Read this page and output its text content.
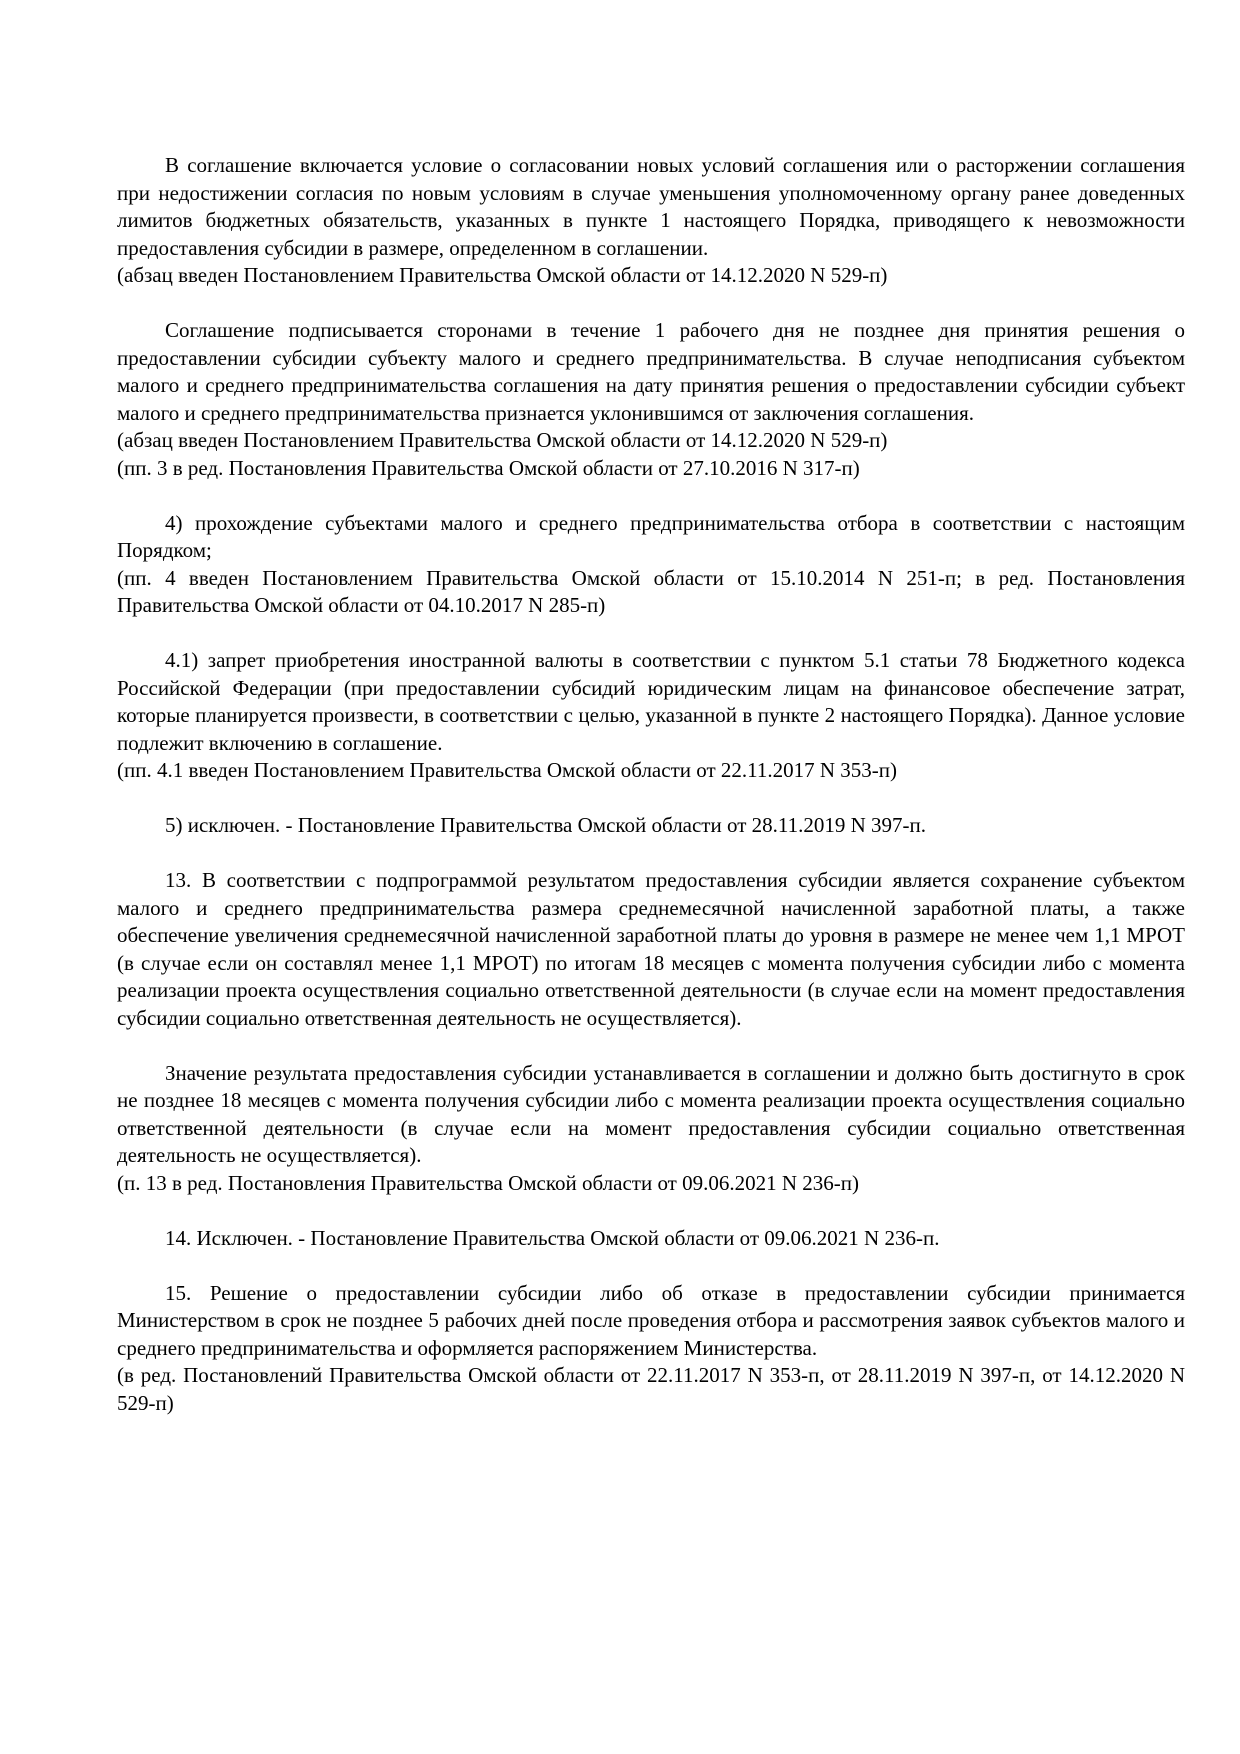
В соглашение включается условие о согласовании новых условий соглашения или о расторжении соглашения при недостижении согласия по новым условиям в случае уменьшения уполномоченному органу ранее доведенных лимитов бюджетных обязательств, указанных в пункте 1 настоящего Порядка, приводящего к невозможности предоставления субсидии в размере, определенном в соглашении.

(абзац введен Постановлением Правительства Омской области от 14.12.2020 N 529-п)

Соглашение подписывается сторонами в течение 1 рабочего дня не позднее дня принятия решения о предоставлении субсидии субъекту малого и среднего предпринимательства. В случае неподписания субъектом малого и среднего предпринимательства соглашения на дату принятия решения о предоставлении субсидии субъект малого и среднего предпринимательства признается уклонившимся от заключения соглашения.

(абзац введен Постановлением Правительства Омской области от 14.12.2020 N 529-п)

(пп. 3 в ред. Постановления Правительства Омской области от 27.10.2016 N 317-п)

4) прохождение субъектами малого и среднего предпринимательства отбора в соответствии с настоящим Порядком;

(пп. 4 введен Постановлением Правительства Омской области от 15.10.2014 N 251-п; в ред. Постановления Правительства Омской области от 04.10.2017 N 285-п)

4.1) запрет приобретения иностранной валюты в соответствии с пунктом 5.1 статьи 78 Бюджетного кодекса Российской Федерации (при предоставлении субсидий юридическим лицам на финансовое обеспечение затрат, которые планируется произвести, в соответствии с целью, указанной в пункте 2 настоящего Порядка). Данное условие подлежит включению в соглашение.

(пп. 4.1 введен Постановлением Правительства Омской области от 22.11.2017 N 353-п)

5) исключен. - Постановление Правительства Омской области от 28.11.2019 N 397-п.

13. В соответствии с подпрограммой результатом предоставления субсидии является сохранение субъектом малого и среднего предпринимательства размера среднемесячной начисленной заработной платы, а также обеспечение увеличения среднемесячной начисленной заработной платы до уровня в размере не менее чем 1,1 МРОТ (в случае если он составлял менее 1,1 МРОТ) по итогам 18 месяцев с момента получения субсидии либо с момента реализации проекта осуществления социально ответственной деятельности (в случае если на момент предоставления субсидии социально ответственная деятельность не осуществляется).

Значение результата предоставления субсидии устанавливается в соглашении и должно быть достигнуто в срок не позднее 18 месяцев с момента получения субсидии либо с момента реализации проекта осуществления социально ответственной деятельности (в случае если на момент предоставления субсидии социально ответственная деятельность не осуществляется).

(п. 13 в ред. Постановления Правительства Омской области от 09.06.2021 N 236-п)

14. Исключен. - Постановление Правительства Омской области от 09.06.2021 N 236-п.

15. Решение о предоставлении субсидии либо об отказе в предоставлении субсидии принимается Министерством в срок не позднее 5 рабочих дней после проведения отбора и рассмотрения заявок субъектов малого и среднего предпринимательства и оформляется распоряжением Министерства.

(в ред. Постановлений Правительства Омской области от 22.11.2017 N 353-п, от 28.11.2019 N 397-п, от 14.12.2020 N 529-п)
